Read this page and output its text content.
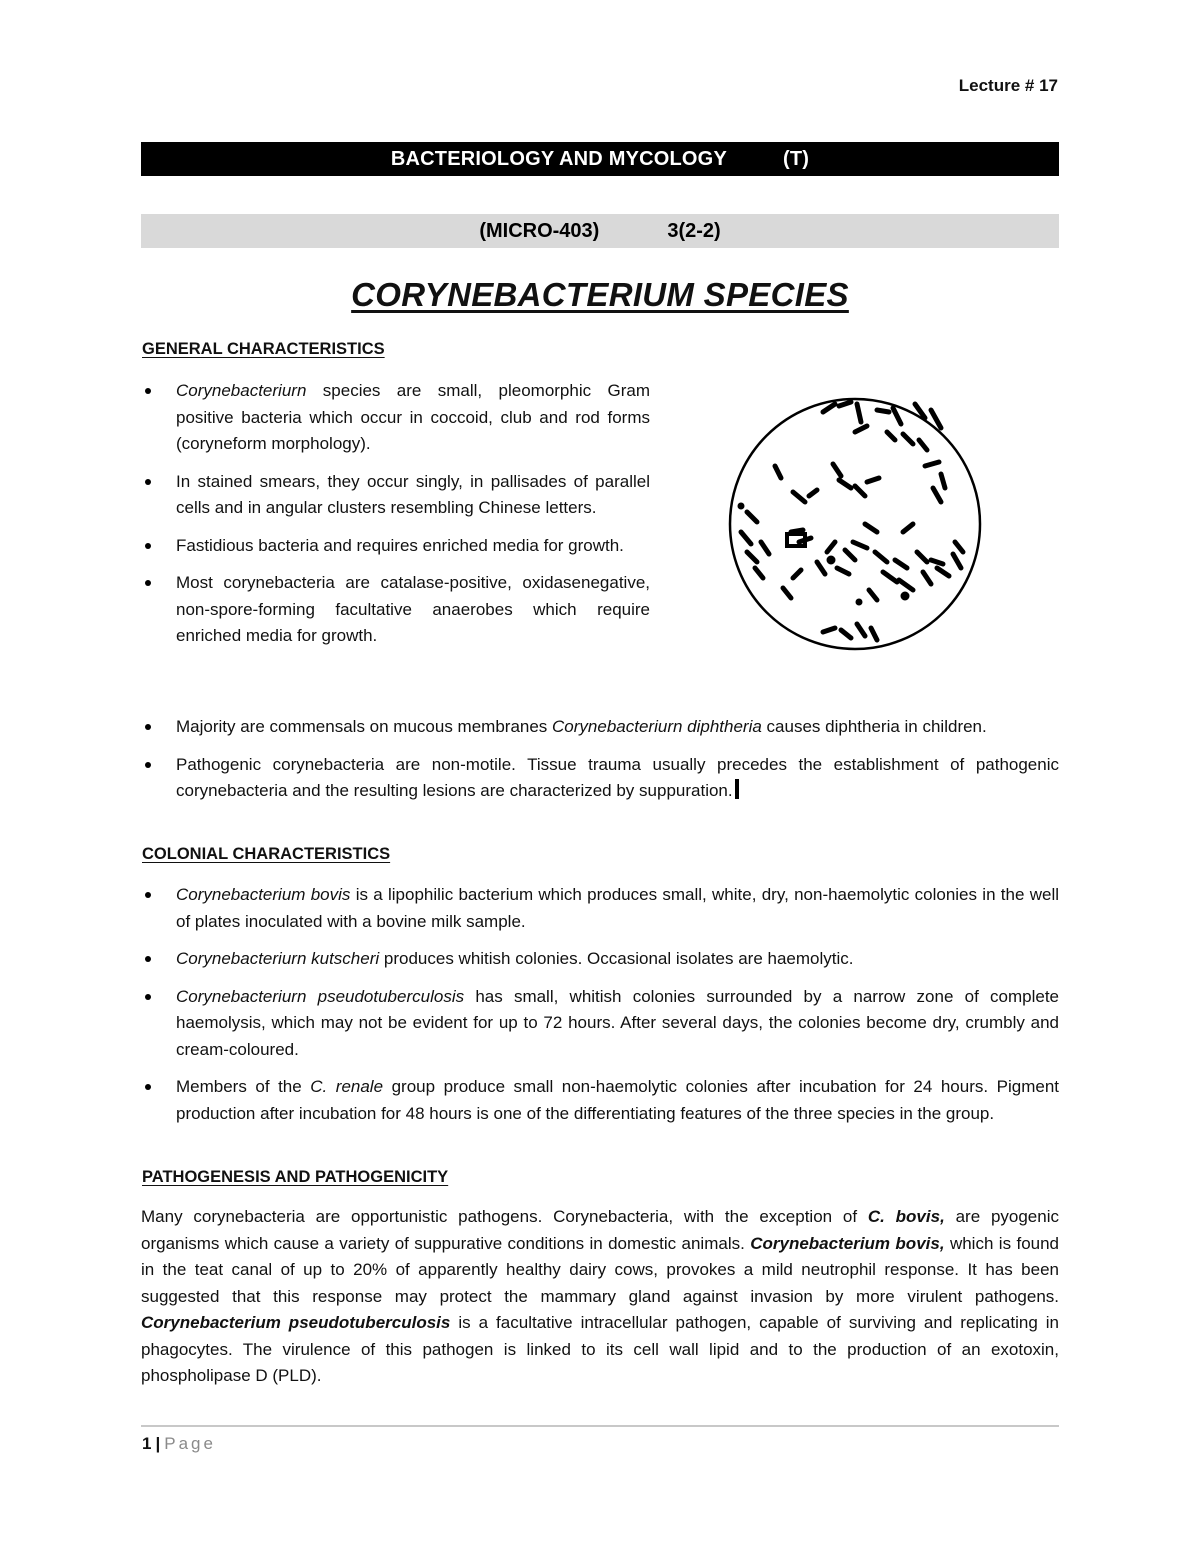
Lecture # 17
BACTERIOLOGY AND MYCOLOGY	(T)
(MICRO-403)	3(2-2)
CORYNEBACTERIUM SPECIES
GENERAL CHARACTERISTICS
Corynebacteriurn species are small, pleomorphic Gram positive bacteria which occur in coccoid, club and rod forms (coryneform morphology).
In stained smears, they occur singly, in pallisades of parallel cells and in angular clusters resembling Chinese letters.
Fastidious bacteria and requires enriched media for growth.
Most corynebacteria are catalase-positive, oxidasenegative, non-spore-forming facultative anaerobes which require enriched media for growth.
Majority are commensals on mucous membranes Corynebacteriurn diphtheria causes diphtheria in children.
Pathogenic corynebacteria are non-motile. Tissue trauma usually precedes the establishment of pathogenic corynebacteria and the resulting lesions are characterized by suppuration.
COLONIAL CHARACTERISTICS
Corynebacterium bovis is a lipophilic bacterium which produces small, white, dry, non-haemolytic colonies in the well of plates inoculated with a bovine milk sample.
Corynebacteriurn kutscheri produces whitish colonies. Occasional isolates are haemolytic.
Corynebacteriurn pseudotuberculosis has small, whitish colonies surrounded by a narrow zone of complete haemolysis, which may not be evident for up to 72 hours. After several days, the colonies become dry, crumbly and cream-coloured.
Members of the C. renale group produce small non-haemolytic colonies after incubation for 24 hours. Pigment production after incubation for 48 hours is one of the differentiating features of the three species in the group.
PATHOGENESIS AND PATHOGENICITY
Many corynebacteria are opportunistic pathogens. Corynebacteria, with the exception of C. bovis, are pyogenic organisms which cause a variety of suppurative conditions in domestic animals. Corynebacterium bovis, which is found in the teat canal of up to 20% of apparently healthy dairy cows, provokes a mild neutrophil response. It has been suggested that this response may protect the mammary gland against invasion by more virulent pathogens. Corynebacterium pseudotuberculosis is a facultative intracellular pathogen, capable of surviving and replicating in phagocytes. The virulence of this pathogen is linked to its cell wall lipid and to the production of an exotoxin, phospholipase D (PLD).
1 | Page
